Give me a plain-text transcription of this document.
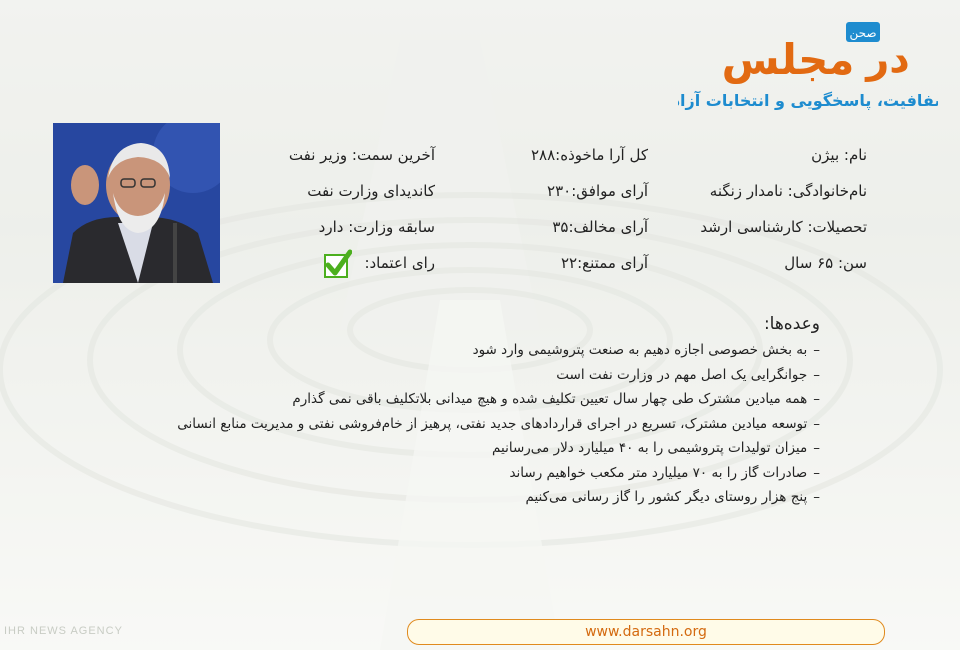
صحن
مجلس در
شفافیت، پاسخگویی و انتخابات آزاد
نام: بیژن
نام‌خانوادگی: نامدار زنگنه
تحصیلات: کارشناسی ارشد
سن: ۶۵ سال
کل آرا ماخوذه:۲۸۸
آرای موافق:۲۳۰
آرای مخالف:۳۵
آرای ممتنع:۲۲
آخرین سمت: وزیر نفت
کاندیدای وزارت نفت
سابقه وزارت: دارد
رای اعتماد:
وعده‌ها:
–به بخش خصوصی اجازه دهیم به صنعت پتروشیمی وارد شود
–جوانگرایی یک اصل مهم در وزارت نفت است
–همه میادین مشترک طی چهار سال تعیین تکلیف شده و هیچ میدانی بلاتکلیف باقی نمی گذارم
–توسعه میادین مشترک، تسریع در اجرای قراردادهای جدید نفتی، پرهیز از خام‌فروشی نفتی و مدیریت منابع انسانی
–میزان تولیدات پتروشیمی را به ۴۰ میلیارد دلار می‌رسانیم
–صادرات گاز را به ۷۰ میلیارد متر مکعب خواهیم رساند
–پنج هزار روستای دیگر کشور را گاز رسانی می‌کنیم
IHR NEWS AGENCY	www.darsahn.org
